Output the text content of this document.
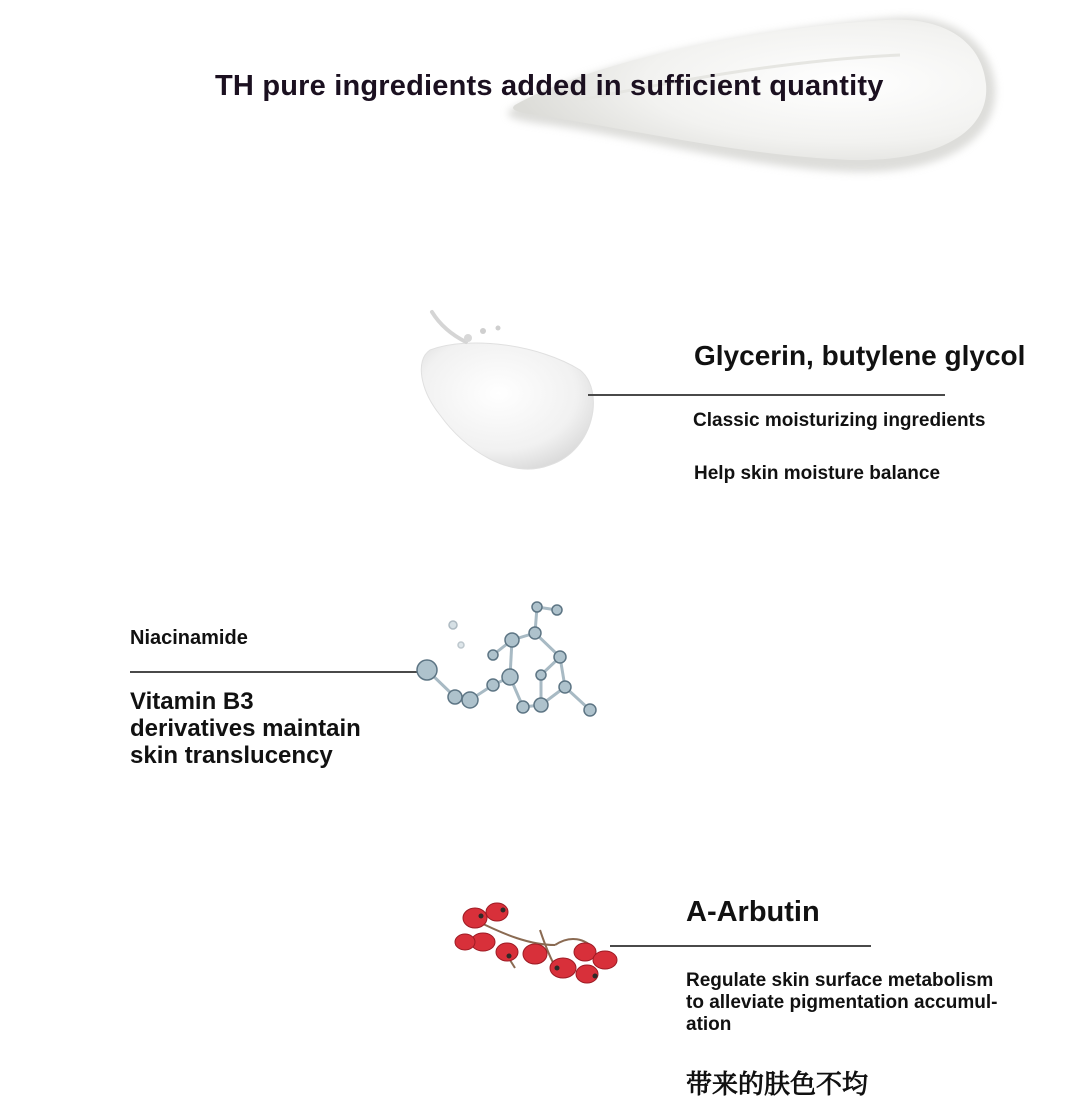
TH pure ingredients added in sufficient quantity
Glycerin, butylene glycol
Classic moisturizing ingredients
Help skin moisture balance
Niacinamide
Vitamin B3
derivatives maintain
skin translucency
A-Arbutin
Regulate skin surface metabolism
to alleviate pigmentation accumul-
ation
带来的肤色不均
